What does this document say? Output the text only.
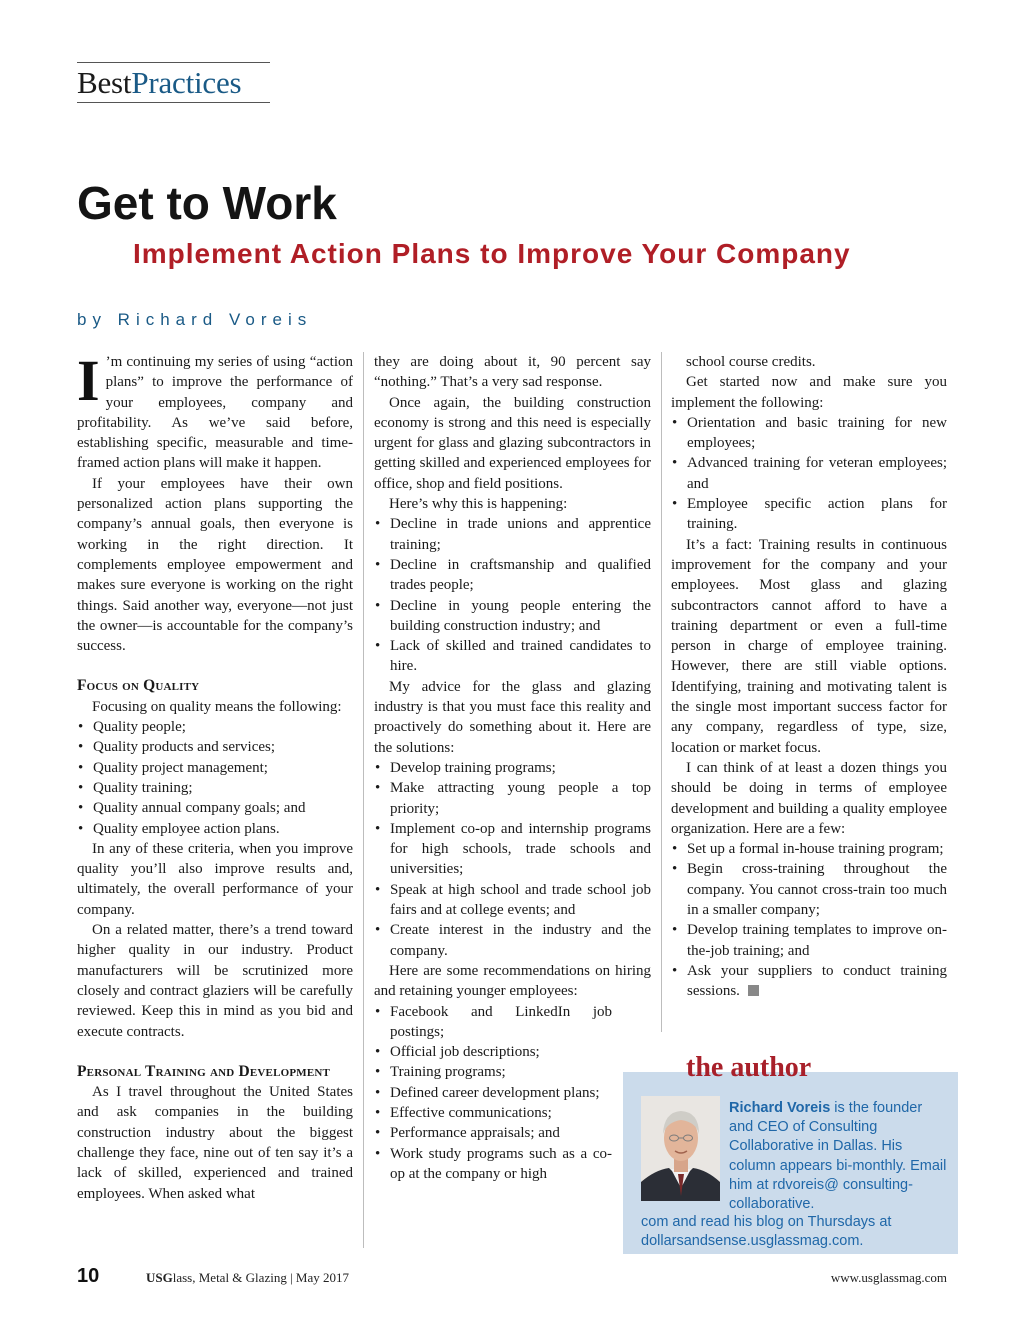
BestPractices
Get to Work
Implement Action Plans to Improve Your Company
by Richard Voreis

I ’m continuing my series of using “action plans” to improve the performance of your employees, company and profitability. As we’ve said before, establishing specific, measurable and time-framed action plans will make it happen.

If your employees have their own personalized action plans supporting the company’s annual goals, then everyone is working in the right direction. It complements employee empowerment and makes sure everyone is working on the right things. Said another way, everyone—not just the owner—is accountable for the company’s success.

Focus on Quality

Focusing on quality means the following:

• Quality people;
• Quality products and services;
• Quality project management;
• Quality training;
• Quality annual company goals; and
• Quality employee action plans.

In any of these criteria, when you improve quality you’ll also improve results and, ultimately, the overall performance of your company.

On a related matter, there’s a trend toward higher quality in our industry. Product manufacturers will be scrutinized more closely and contract glaziers will be carefully reviewed. Keep this in mind as you bid and execute contracts.

Personal Training and Development

As I travel throughout the United States and ask companies in the building construction industry about the biggest challenge they face, nine out of ten say it’s a lack of skilled, experienced and trained employees. When asked what

they are doing about it, 90 percent say “nothing.” That’s a very sad response.

Once again, the building construction economy is strong and this need is especially urgent for glass and glazing subcontractors in getting skilled and experienced employees for office, shop and field positions.

Here’s why this is happening:

• Decline in trade unions and apprentice training;
• Decline in craftsmanship and qualified trades people;
• Decline in young people entering the building construction industry; and
• Lack of skilled and trained candidates to hire.

My advice for the glass and glazing industry is that you must face this reality and proactively do something about it. Here are the solutions:

• Develop training programs;
• Make attracting young people a top priority;
• Implement co-op and internship programs for high schools, trade schools and universities;
• Speak at high school and trade school job fairs and at college events; and
• Create interest in the industry and the company.

Here are some recommendations on hiring and retaining younger employees:

• Facebook and LinkedIn job postings;
• Official job descriptions;
• Training programs;
• Defined career development plans;
• Effective communications;
• Performance appraisals; and
• Work study programs such as a co-op at the company or high

school course credits.

Get started now and make sure you implement the following:

• Orientation and basic training for new employees;
• Advanced training for veteran employees; and
• Employee specific action plans for training.

It’s a fact: Training results in continuous improvement for the company and your employees. Most glass and glazing subcontractors cannot afford to have a training department or even a full-time person in charge of employee training. However, there are still viable options. Identifying, training and motivating talent is the single most important success factor for any company, regardless of type, size, location or market focus.

I can think of at least a dozen things you should be doing in terms of employee development and building a quality employee organization. Here are a few:

• Set up a formal in-house training program;
• Begin cross-training throughout the company. You cannot cross-train too much in a smaller company;
• Develop training templates to improve on-the-job training; and
• Ask your suppliers to conduct training sessions.
the author
Richard Voreis is the founder and CEO of Consulting Collaborative in Dallas. His column appears bi-monthly. Email him at rdvoreis@ consulting-collaborative.
com and read his blog on Thursdays at dollarsandsense.usglassmag.com.
10	USGlass, Metal & Glazing | May 2017	www.usglassmag.com
